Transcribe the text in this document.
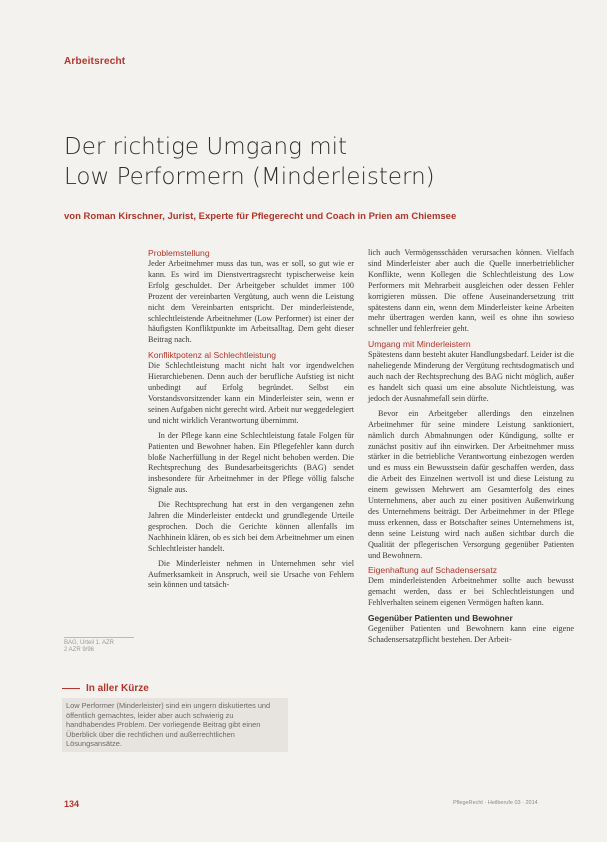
Arbeitsrecht
Der richtige Umgang mit
Low Performern (Minderleistern)
von Roman Kirschner, Jurist, Experte für Pflegerecht und Coach in Prien am Chiemsee
Problemstellung

Jeder Arbeitnehmer muss das tun, was er soll, so gut wie er kann. Es wird im Dienstvertragsrecht typischerweise kein Erfolg geschuldet. Der Arbeitgeber schuldet immer 100 Prozent der vereinbarten Vergütung, auch wenn die Leistung nicht dem Vereinbarten entspricht. Der minderleistende, schlechtleistende Arbeitnehmer (Low Performer) ist einer der häufigsten Konfliktpunkte im Arbeitsalltag. Dem geht dieser Beitrag nach.

Konfliktpotenz al Schlechtleistung

Die Schlechtleistung macht nicht halt vor irgendwelchen Hierarchiebenen. Denn auch der berufliche Aufstieg ist nicht unbedingt auf Erfolg begründet. Selbst ein Vorstandsvorsitzender kann ein Minderleister sein, wenn er seinen Aufgaben nicht gerecht wird. Arbeit nur weggedelegiert und nicht wirklich Verantwortung übernimmt.

In der Pflege kann eine Schlechtleistung fatale Folgen für Patienten und Bewohner haben. Ein Pflegefehler kann durch bloße Nacherfüllung in der Regel nicht behoben werden. Die Rechtsprechung des Bundesarbeitsgerichts (BAG) sendet insbesondere für Arbeitnehmer in der Pflege völlig falsche Signale aus.

Die Rechtsprechung hat erst in den vergangenen zehn Jahren die Minderleister entdeckt und grundlegende Urteile gesprochen. Doch die Gerichte können allenfalls im Nachhinein klären, ob es sich bei dem Arbeitnehmer um einen Schlechtleister handelt.

Die Minderleister nehmen in Unternehmen sehr viel Aufmerksamkeit in Anspruch, weil sie Ursache von Fehlern sein können und tatsäch-

lich auch Vermögensschäden verursachen können. Vielfach sind Minderleister aber auch die Quelle innerbetrieblicher Konflikte, wenn Kollegen die Schlechtleistung des Low Performers mit Mehrarbeit ausgleichen oder dessen Fehler korrigieren müssen. Die offene Auseinandersetzung tritt spätestens dann ein, wenn dem Minderleister keine Arbeiten mehr übertragen werden kann, weil es ohne ihn sowieso schneller und fehlerfreier geht.

Umgang mit Minderleistern

Spätestens dann besteht akuter Handlungsbedarf. Leider ist die naheliegende Minderung der Vergütung rechtsdogmatisch und auch nach der Rechtsprechung des BAG nicht möglich, außer es handelt sich quasi um eine absolute Nichtleistung, was jedoch der Ausnahmefall sein dürfte.

Bevor ein Arbeitgeber allerdings den einzelnen Arbeitnehmer für seine mindere Leistung sanktioniert, nämlich durch Abmahnungen oder Kündigung, sollte er zunächst positiv auf ihn einwirken. Der Arbeitnehmer muss stärker in die betriebliche Verantwortung einbezogen werden und es muss ein Bewusstsein dafür geschaffen werden, dass die Arbeit des Einzelnen wertvoll ist und diese Leistung zu einem gewissen Mehrwert am Gesamterfolg des eines Unternehmens, aber auch zu einer positiven Außenwirkung des Unternehmens beiträgt. Der Arbeitnehmer in der Pflege muss erkennen, dass er Botschafter seines Unternehmens ist, denn seine Leistung wird nach außen sichtbar durch die Qualität der pflegerischen Versorgung gegenüber Patienten und Bewohnern.

Eigenhaftung auf Schadensersatz

Dem minderleistenden Arbeitnehmer sollte auch bewusst gemacht werden, dass er bei Schlechtleistungen und Fehlverhalten seinem eigenen Vermögen haften kann.

Gegenüber Patienten und Bewohner

Gegenüber Patienten und Bewohnern kann eine eigene Schadensersatzpflicht bestehen. Der Arbeit-

BAG, Urteil 1. AZR
2 AZR 9/96
In aller Kürze
Low Performer (Minderleister) sind ein ungern diskutiertes und öffentlich gemachtes, leider aber auch schwierig zu handhabendes Problem. Der vorliegende Beitrag gibt einen Überblick über die rechtlichen und außerrechtlichen Lösungsansätze.
134	PflegeRecht · Heilberufe 03 · 2014
